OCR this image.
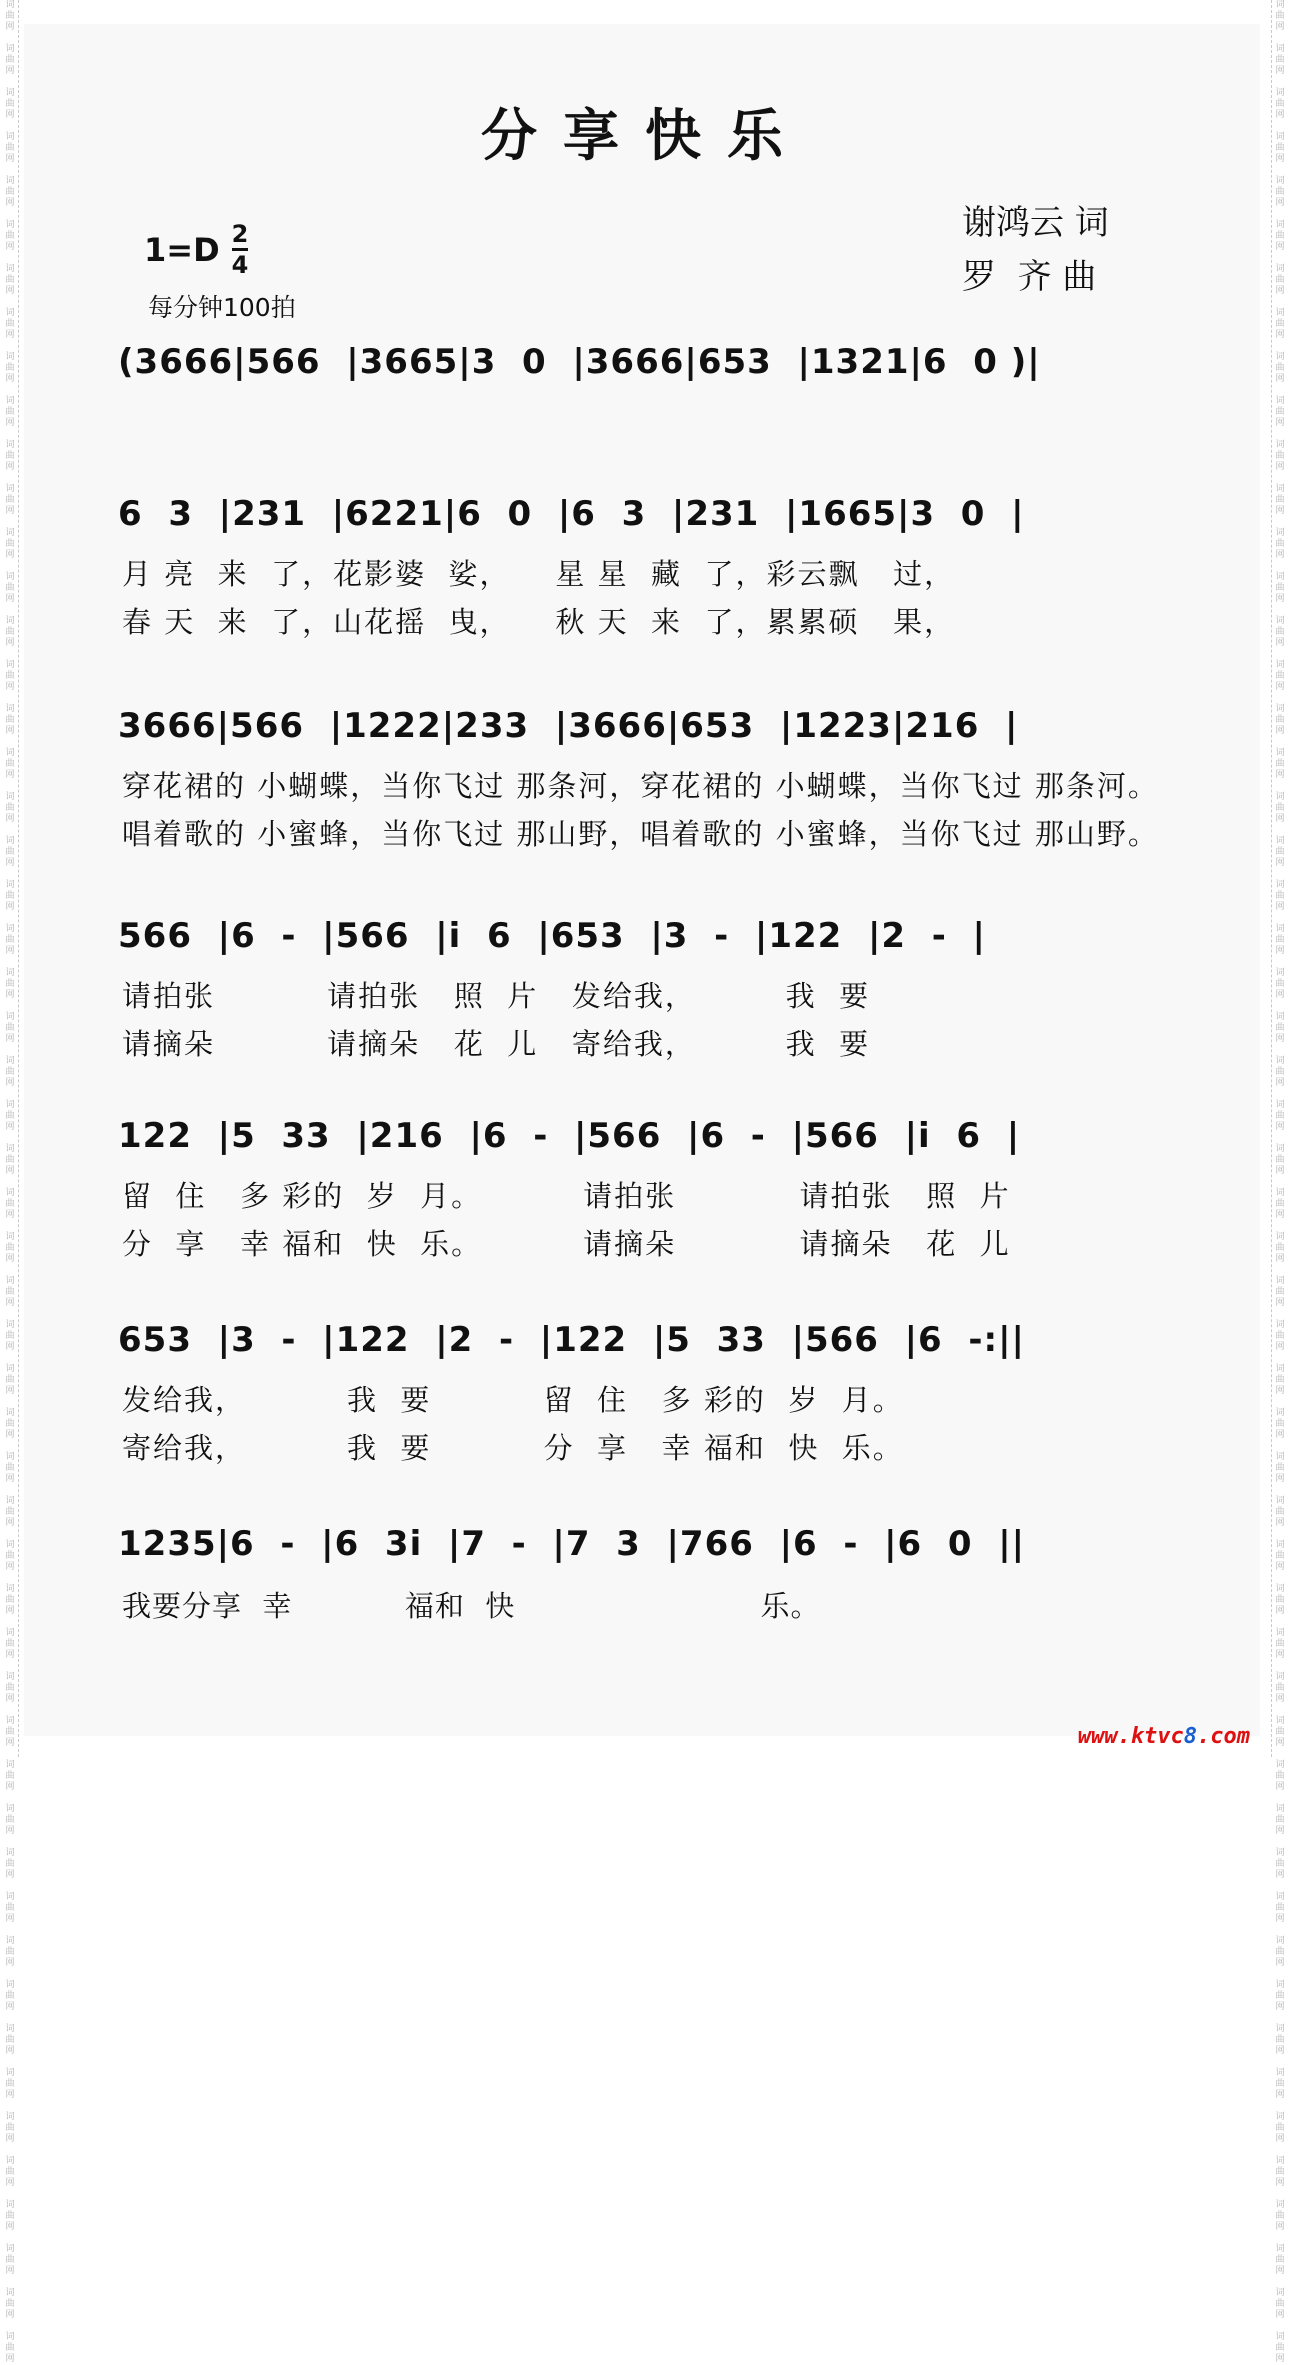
词
曲
网

词
曲
网

词
曲
网

词
曲
网

词
曲
网

词
曲
网

词
曲
网

词
曲
网

词
曲
网

词
曲
网

词
曲
网

词
曲
网

词
曲
网

词
曲
网

词
曲
网

词
曲
网

词
曲
网

词
曲
网

词
曲
网

词
曲
网

词
曲
网

词
曲
网

词
曲
网

词
曲
网

词
曲
网

词
曲
网

词
曲
网

词
曲
网

词
曲
网

词
曲
网

词
曲
网

词
曲
网

词
曲
网

词
曲
网

词
曲
网

词
曲
网

词
曲
网

词
曲
网

词
曲
网

词
曲
网

词
曲
网

词
曲
网

词
曲
网

词
曲
网

词
曲
网

词
曲
网

词
曲
网

词
曲
网

词
曲
网

词
曲
网

词
曲
网

词
曲
网

词
曲
网

词
曲
网
词
曲
网

词
曲
网

词
曲
网

词
曲
网

词
曲
网

词
曲
网

词
曲
网

词
曲
网

词
曲
网

词
曲
网

词
曲
网

词
曲
网

词
曲
网

词
曲
网

词
曲
网

词
曲
网

词
曲
网

词
曲
网

词
曲
网

词
曲
网

词
曲
网

词
曲
网

词
曲
网

词
曲
网

词
曲
网

词
曲
网

词
曲
网

词
曲
网

词
曲
网

词
曲
网

词
曲
网

词
曲
网

词
曲
网

词
曲
网

词
曲
网

词
曲
网

词
曲
网

词
曲
网

词
曲
网

词
曲
网

词
曲
网

词
曲
网

词
曲
网

词
曲
网

词
曲
网

词
曲
网

词
曲
网

词
曲
网

词
曲
网

词
曲
网

词
曲
网

词
曲
网

词
曲
网

词
曲
网
分享快乐
谢鸿云 词
罗  齐 曲
1=D 2
4
每分钟100拍
(3666|566  |3665|3  0  |3666|653  |1321|6  0 )|
6  3  |231  |6221|6  0  |6  3  |231  |1665|3  0  |
月 亮  来  了，花影婆  娑，    星 星  藏  了，彩云飘   过，
春 天  来  了，山花摇  曳，    秋 天  来  了，累累硕   果，
3666|566  |1222|233  |3666|653  |1223|216  |
穿花裙的 小蝴蝶，当你飞过 那条河，穿花裙的 小蝴蝶，当你飞过 那条河。
唱着歌的 小蜜蜂，当你飞过 那山野，唱着歌的 小蜜蜂，当你飞过 那山野。
566  |6  -  |566  |i  6  |653  |3  -  |122  |2  -  |
请拍张          请拍张   照  片   发给我，        我  要
请摘朵          请摘朵   花  儿   寄给我，        我  要
122  |5  33  |216  |6  -  |566  |6  -  |566  |i  6  |
留  住   多 彩的  岁  月。         请拍张           请拍张   照  片
分  享   幸 福和  快  乐。         请摘朵           请摘朵   花  儿
653  |3  -  |122  |2  -  |122  |5  33  |566  |6  -:||
发给我，         我  要          留  住   多 彩的  岁  月。
寄给我，         我  要          分  享   幸 福和  快  乐。
1235|6  -  |6  3i  |7  -  |7  3  |766  |6  -  |6  0  ||
我要分享  幸           福和  快                        乐。
www.ktvc8.com
